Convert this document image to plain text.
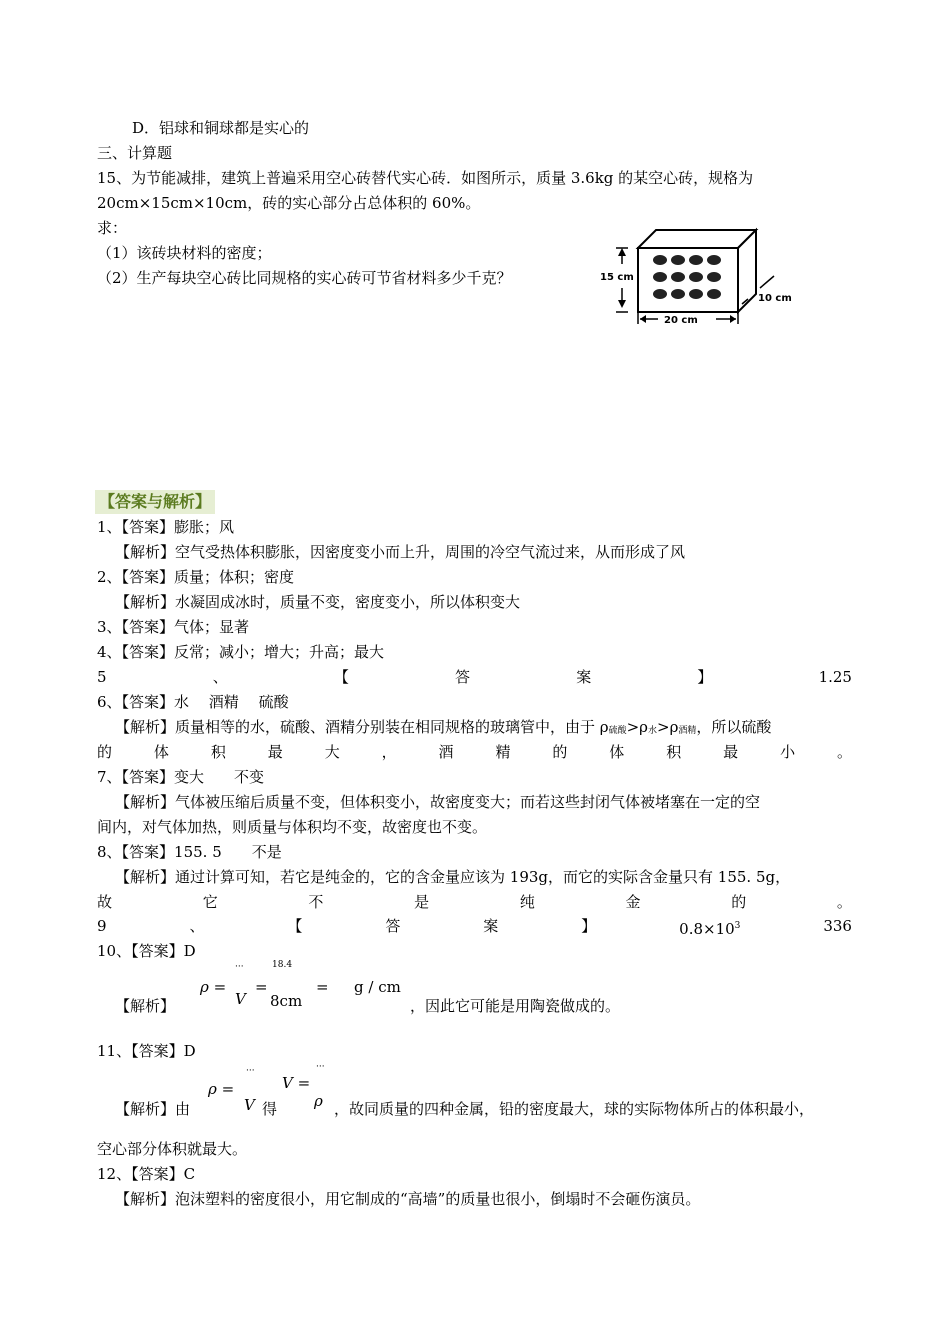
D．铝球和铜球都是实心的
三、计算题
15、为节能减排，建筑上普遍采用空心砖替代实心砖．如图所示，质量 3.6kg 的某空心砖，规格为
20cm×15cm×10cm，砖的实心部分占总体积的 60%。
求：
（1）该砖块材料的密度；
（2）生产每块空心砖比同规格的实心砖可节省材料多少千克？	15 cm
20 cm
10 cm
【答案与解析】
1、【答案】膨胀；风
【解析】空气受热体积膨胀，因密度变小而上升，周围的冷空气流过来，从而形成了风
2、【答案】质量；体积；密度
【解析】水凝固成冰时，质量不变，密度变小，所以体积变大
3、【答案】气体；显著
4、【答案】反常；减小；增大；升高；最大
5	、	【	答	案	】	1.25
6、【答案】水　 酒精　 硫酸
【解析】质量相等的水，硫酸、酒精分别装在相同规格的玻璃管中，由于 $\rho_{硫酸}>\rho_水>\rho_{酒精}$，所以硫酸
的	体	积	最	大	，	酒	精	的	体	积	最	小	。
7、【答案】变大　　不变
【解析】气体被压缩后质量不变，但体积变小，故密度变大；而若这些封闭气体被堵塞在一定的空
间内，对气体加热，则质量与体积均不变，故密度也不变。
8、【答案】155. 5　　不是
【解析】通过计算可知，若它是纯金的，它的含金量应该为 193g，而它的实际含金量只有 155. 5g，
故	它	不	是	纯	金	的	。
9	、	【	答	案	】	$0.8\times 10^3$	336
10、【答案】D
【解析】
ρ =
···	18.4
V
=
8cm
= g / cm
，因此它可能是用陶瓷做成的。
11、【答案】D
【解析】由
ρ =
···
V 得
V =
···
ρ ，故同质量的四种金属，铅的密度最大，球的实际物体所占的体积最小，
空心部分体积就最大。
12、【答案】C
【解析】泡沫塑料的密度很小，用它制成的“高墙”的质量也很小，倒塌时不会砸伤演员。
